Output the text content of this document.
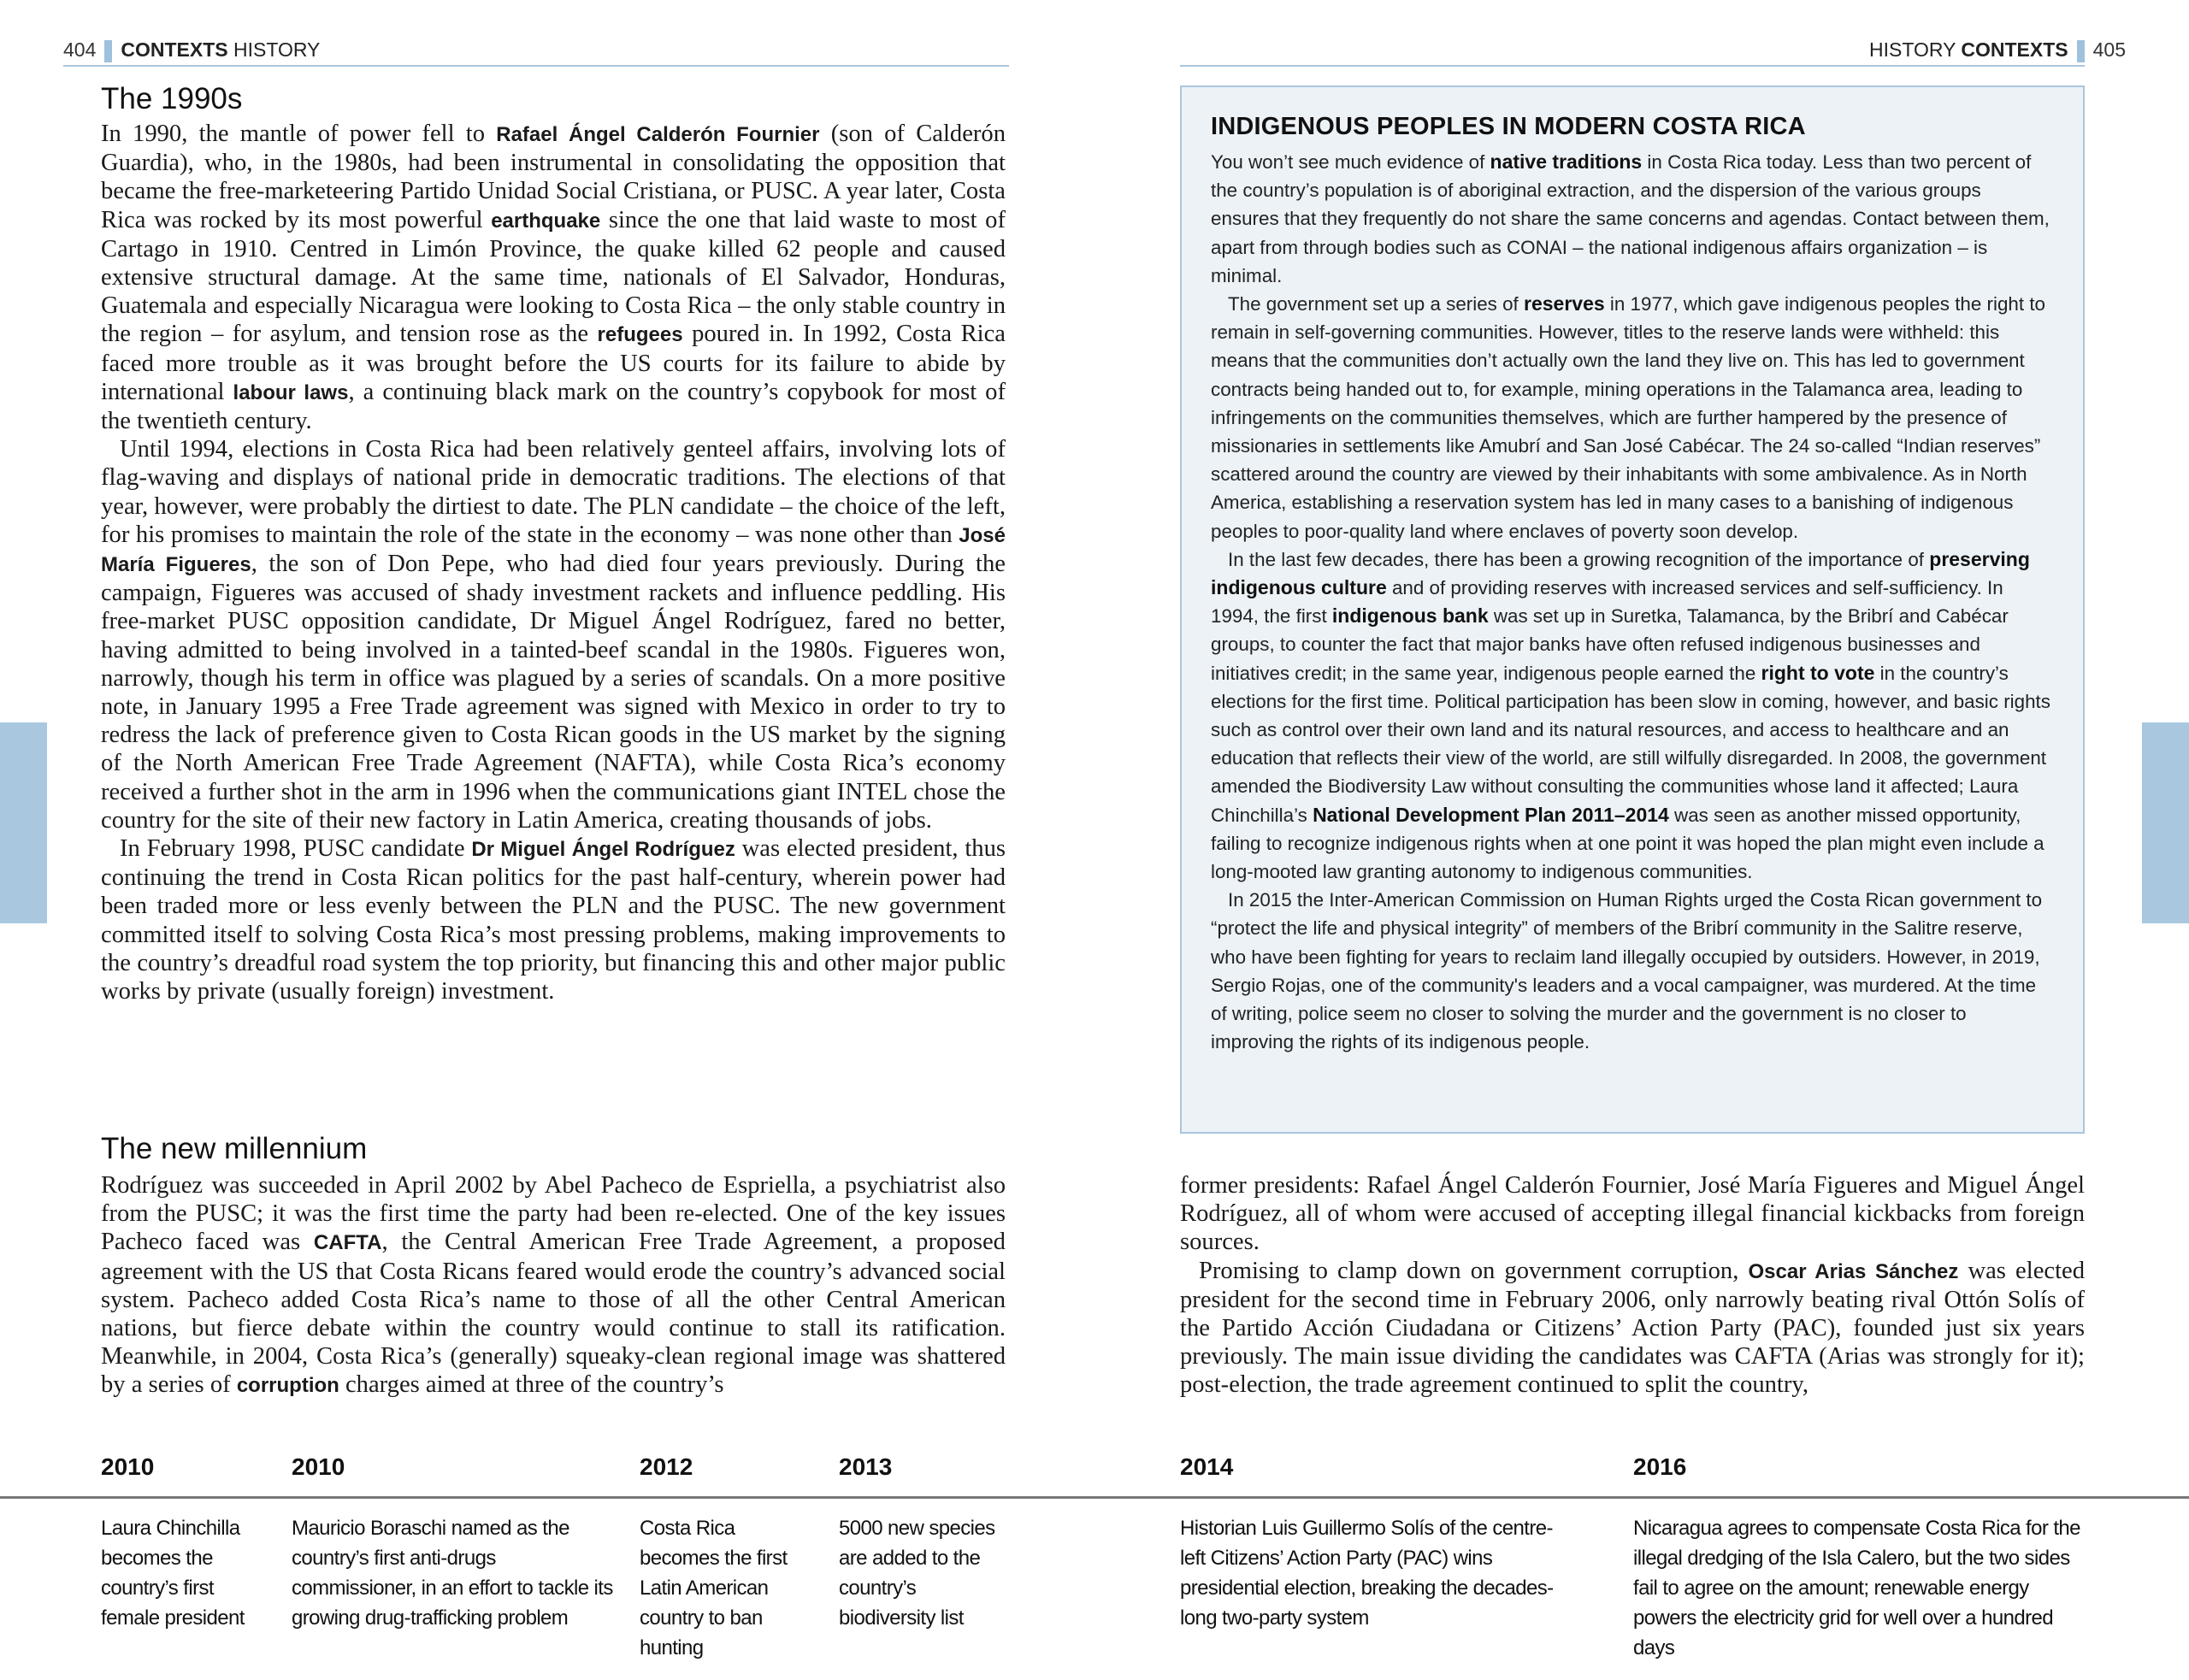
404 CONTEXTS HISTORY	HISTORY CONTEXTS 405
The 1990s

In 1990, the mantle of power fell to Rafael Ángel Calderón Fournier (son of Calderón Guardia), who, in the 1980s, had been instrumental in consolidating the opposition that became the free-marketeering Partido Unidad Social Cristiana, or PUSC. A year later, Costa Rica was rocked by its most powerful earthquake since the one that laid waste to most of Cartago in 1910. Centred in Limón Province, the quake killed 62 people and caused extensive structural damage. At the same time, nationals of El Salvador, Honduras, Guatemala and especially Nicaragua were looking to Costa Rica – the only stable country in the region – for asylum, and tension rose as the refugees poured in. In 1992, Costa Rica faced more trouble as it was brought before the US courts for its failure to abide by international labour laws, a continuing black mark on the country’s copybook for most of the twentieth century.

Until 1994, elections in Costa Rica had been relatively genteel affairs, involving lots of flag-waving and displays of national pride in democratic traditions. The elections of that year, however, were probably the dirtiest to date. The PLN candidate – the choice of the left, for his promises to maintain the role of the state in the economy – was none other than José María Figueres, the son of Don Pepe, who had died four years previously. During the campaign, Figueres was accused of shady investment rackets and influence peddling. His free-market PUSC opposition candidate, Dr Miguel Ángel Rodríguez, fared no better, having admitted to being involved in a tainted-beef scandal in the 1980s. Figueres won, narrowly, though his term in office was plagued by a series of scandals. On a more positive note, in January 1995 a Free Trade agreement was signed with Mexico in order to try to redress the lack of preference given to Costa Rican goods in the US market by the signing of the North American Free Trade Agreement (NAFTA), while Costa Rica’s economy received a further shot in the arm in 1996 when the communications giant INTEL chose the country for the site of their new factory in Latin America, creating thousands of jobs.

In February 1998, PUSC candidate Dr Miguel Ángel Rodríguez was elected president, thus continuing the trend in Costa Rican politics for the past half-century, wherein power had been traded more or less evenly between the PLN and the PUSC. The new government committed itself to solving Costa Rica’s most pressing problems, making improvements to the country’s dreadful road system the top priority, but financing this and other major public works by private (usually foreign) investment.

The new millennium

Rodríguez was succeeded in April 2002 by Abel Pacheco de Espriella, a psychiatrist also from the PUSC; it was the first time the party had been re-elected. One of the key issues Pacheco faced was CAFTA, the Central American Free Trade Agreement, a proposed agreement with the US that Costa Ricans feared would erode the country’s advanced social system. Pacheco added Costa Rica’s name to those of all the other Central American nations, but fierce debate within the country would continue to stall its ratification. Meanwhile, in 2004, Costa Rica’s (generally) squeaky-clean regional image was shattered by a series of corruption charges aimed at three of the country’s

former presidents: Rafael Ángel Calderón Fournier, José María Figueres and Miguel Ángel Rodríguez, all of whom were accused of accepting illegal financial kickbacks from foreign sources.

Promising to clamp down on government corruption, Oscar Arias Sánchez was elected president for the second time in February 2006, only narrowly beating rival Ottón Solís of the Partido Acción Ciudadana or Citizens’ Action Party (PAC), founded just six years previously. The main issue dividing the candidates was CAFTA (Arias was strongly for it); post-election, the trade agreement continued to split the country,

INDIGENOUS PEOPLES IN MODERN COSTA RICA

You won’t see much evidence of native traditions in Costa Rica today. Less than two percent of the country’s population is of aboriginal extraction, and the dispersion of the various groups ensures that they frequently do not share the same concerns and agendas. Contact between them, apart from through bodies such as CONAI – the national indigenous affairs organization – is minimal.

The government set up a series of reserves in 1977, which gave indigenous peoples the right to remain in self-governing communities. However, titles to the reserve lands were withheld: this means that the communities don’t actually own the land they live on. This has led to government contracts being handed out to, for example, mining operations in the Talamanca area, leading to infringements on the communities themselves, which are further hampered by the presence of missionaries in settlements like Amubrí and San José Cabécar. The 24 so-called “Indian reserves” scattered around the country are viewed by their inhabitants with some ambivalence. As in North America, establishing a reservation system has led in many cases to a banishing of indigenous peoples to poor-quality land where enclaves of poverty soon develop.

In the last few decades, there has been a growing recognition of the importance of preserving indigenous culture and of providing reserves with increased services and self-sufficiency. In 1994, the first indigenous bank was set up in Suretka, Talamanca, by the Bribrí and Cabécar groups, to counter the fact that major banks have often refused indigenous businesses and initiatives credit; in the same year, indigenous people earned the right to vote in the country’s elections for the first time. Political participation has been slow in coming, however, and basic rights such as control over their own land and its natural resources, and access to healthcare and an education that reflects their view of the world, are still wilfully disregarded. In 2008, the government amended the Biodiversity Law without consulting the communities whose land it affected; Laura Chinchilla’s National Development Plan 2011–2014 was seen as another missed opportunity, failing to recognize indigenous rights when at one point it was hoped the plan might even include a long-mooted law granting autonomy to indigenous communities.

In 2015 the Inter-American Commission on Human Rights urged the Costa Rican government to “protect the life and physical integrity” of members of the Bribrí community in the Salitre reserve, who have been fighting for years to reclaim land illegally occupied by outsiders. However, in 2019, Sergio Rojas, one of the community's leaders and a vocal campaigner, was murdered. At the time of writing, police seem no closer to solving the murder and the government is no closer to improving the rights of its indigenous people.

2010
Laura Chinchilla becomes the country’s first female president
2010
Mauricio Boraschi named as the country’s first anti-drugs commissioner, in an effort to tackle its growing drug-trafficking problem
2012
Costa Rica becomes the first Latin American country to ban hunting
2013
5000 new species are added to the country’s biodiversity list
2014
Historian Luis Guillermo Solís of the centre-left Citizens’ Action Party (PAC) wins presidential election, breaking the decades-long two-party system
2016
Nicaragua agrees to compensate Costa Rica for the illegal dredging of the Isla Calero, but the two sides fail to agree on the amount; renewable energy powers the electricity grid for well over a hundred days
